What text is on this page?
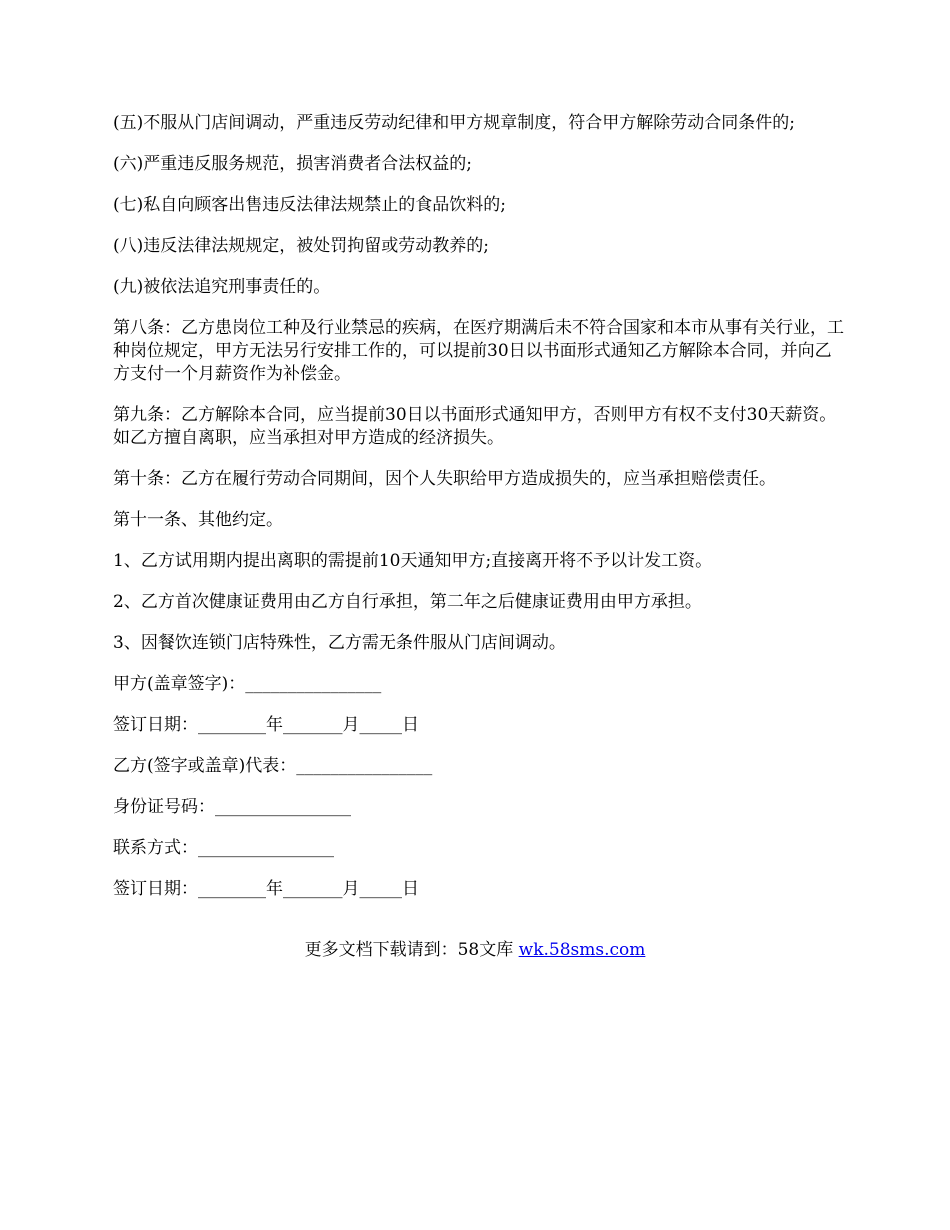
(五)不服从门店间调动，严重违反劳动纪律和甲方规章制度，符合甲方解除劳动合同条件的;

(六)严重违反服务规范，损害消费者合法权益的;

(七)私自向顾客出售违反法律法规禁止的食品饮料的;

(八)违反法律法规规定，被处罚拘留或劳动教养的;

(九)被依法追究刑事责任的。

第八条：乙方患岗位工种及行业禁忌的疾病，在医疗期满后未不符合国家和本市从事有关行业，工种岗位规定，甲方无法另行安排工作的，可以提前30日以书面形式通知乙方解除本合同，并向乙方支付一个月薪资作为补偿金。

第九条：乙方解除本合同，应当提前30日以书面形式通知甲方，否则甲方有权不支付30天薪资。如乙方擅自离职，应当承担对甲方造成的经济损失。

第十条：乙方在履行劳动合同期间，因个人失职给甲方造成损失的，应当承担赔偿责任。

第十一条、其他约定。

1、乙方试用期内提出离职的需提前10天通知甲方;直接离开将不予以计发工资。

2、乙方首次健康证费用由乙方自行承担，第二年之后健康证费用由甲方承担。

3、因餐饮连锁门店特殊性，乙方需无条件服从门店间调动。

甲方(盖章签字)：________________

签订日期：________年_______月_____日

乙方(签字或盖章)代表：________________

身份证号码：________________

联系方式：________________

签订日期：________年_______月_____日

更多文档下载请到：58文库 wk.58sms.com
